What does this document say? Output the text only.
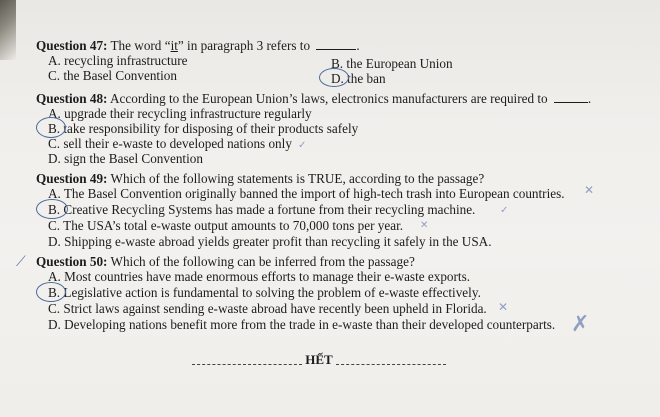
Question 47: The word “it” in paragraph 3 refers to	.
A. recycling infrastructure	B. the European Union
C. the Basel Convention	D. the ban
Question 48: According to the European Union’s laws, electronics manufacturers are required to	.
A. upgrade their recycling infrastructure regularly
B. take responsibility for disposing of their products safely
C. sell their e-waste to developed nations only ✓
D. sign the Basel Convention
Question 49: Which of the following statements is TRUE, according to the passage?
A. The Basel Convention originally banned the import of high-tech trash into European countries. ✕
B. Creative Recycling Systems has made a fortune from their recycling machine. ✓
C. The USA’s total e-waste output amounts to 70,000 tons per year. ✕
D. Shipping e-waste abroad yields greater profit than recycling it safely in the USA.
Question 50: Which of the following can be inferred from the passage?
⟋
A. Most countries have made enormous efforts to manage their e-waste exports.
B. Legislative action is fundamental to solving the problem of e-waste effectively.
C. Strict laws against sending e-waste abroad have recently been upheld in Florida. ✕
D. Developing nations benefit more from the trade in e-waste than their developed counterparts. ✗
HẾT
